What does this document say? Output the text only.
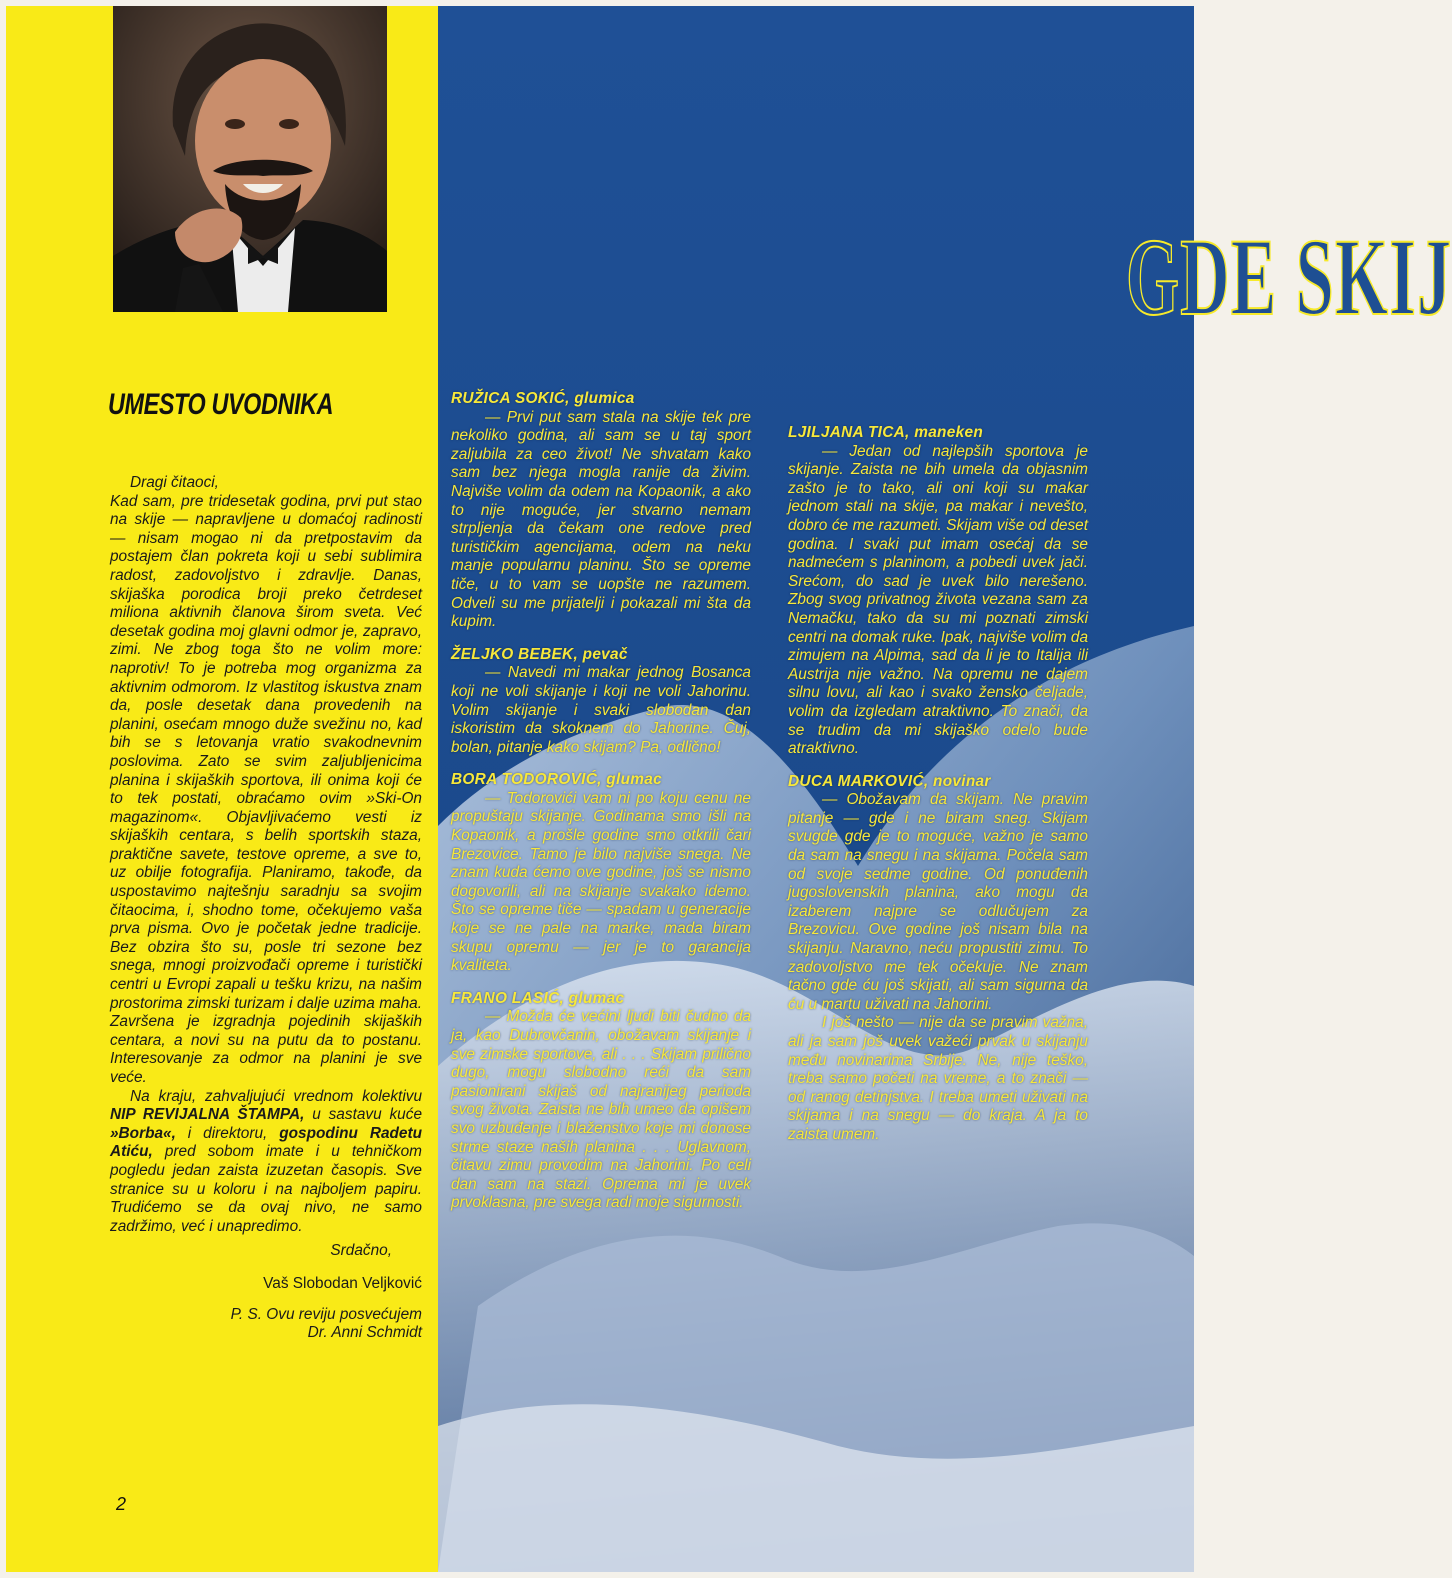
UMESTO UVODNIKA

Dragi čitaoci,

Kad sam, pre tridesetak godina, prvi put stao na skije — napravljene u domaćoj radinosti — nisam mogao ni da pretpostavim da postajem član pokreta koji u sebi sublimira radost, zadovoljstvo i zdravlje. Danas, skijaška porodica broji preko četrdeset miliona aktivnih članova širom sveta. Već desetak godina moj glavni odmor je, zapravo, zimi. Ne zbog toga što ne volim more: naprotiv! To je potreba mog organizma za aktivnim odmorom. Iz vlastitog iskustva znam da, posle desetak dana provedenih na planini, osećam mnogo duže svežinu no, kad bih se s letovanja vratio svakodnevnim poslovima. Zato se svim zaljubljenicima planina i skijaških sportova, ili onima koji će to tek postati, obraćamo ovim »Ski-On magazinom«. Objavljivaćemo vesti iz skijaških centara, s belih sportskih staza, praktične savete, testove opreme, a sve to, uz obilje fotografija. Planiramo, takođe, da uspostavimo najtešnju saradnju sa svojim čitaocima, i, shodno tome, očekujemo vaša prva pisma. Ovo je početak jedne tradicije. Bez obzira što su, posle tri sezone bez snega, mnogi proizvođači opreme i turistički centri u Evropi zapali u tešku krizu, na našim prostorima zimski turizam i dalje uzima maha. Završena je izgradnja pojedinih skijaških centara, a novi su na putu da to postanu. Interesovanje za odmor na planini je sve veće.

Na kraju, zahvaljujući vrednom kolektivu NIP REVIJALNA ŠTAMPA, u sastavu kuće »Borba«, i direktoru, gospodinu Radetu Atiću, pred sobom imate i u tehničkom pogledu jedan zaista izuzetan časopis. Sve stranice su u koloru i na najboljem papiru. Trudićemo se da ovaj nivo, ne samo zadržimo, već i unapredimo.

Srdačno,

Vaš Slobodan Veljković

P. S. Ovu reviju posvećujem

Dr. Anni Schmidt

2
GDE SKIJ

RUŽICA SOKIĆ, glumica

— Prvi put sam stala na skije tek pre nekoliko godina, ali sam se u taj sport zaljubila za ceo život! Ne shvatam kako sam bez njega mogla ranije da živim. Najviše volim da odem na Kopaonik, a ako to nije moguće, jer stvarno nemam strpljenja da čekam one redove pred turističkim agencijama, odem na neku manje popularnu planinu. Što se opreme tiče, u to vam se uopšte ne razumem. Odveli su me prijatelji i pokazali mi šta da kupim.

ŽELJKO BEBEK, pevač

— Navedi mi makar jednog Bosanca koji ne voli skijanje i koji ne voli Jahorinu. Volim skijanje i svaki slobodan dan iskoristim da skoknem do Jahorine. Čuj, bolan, pitanje kako skijam? Pa, odlično!

BORA TODOROVIĆ, glumac

— Todorovići vam ni po koju cenu ne propuštaju skijanje. Godinama smo išli na Kopaonik, a prošle godine smo otkrili čari Brezovice. Tamo je bilo najviše snega. Ne znam kuda ćemo ove godine, još se nismo dogovorili, ali na skijanje svakako idemo. Što se opreme tiče — spadam u generacije koje se ne pale na marke, mada biram skupu opremu — jer je to garancija kvaliteta.

FRANO LASIĆ, glumac

— Možda će većini ljudi biti čudno da ja, kao Dubrovčanin, obožavam skijanje i sve zimske sportove, ali . . . Skijam prilično dugo, mogu slobodno reći da sam pasionirani skijaš od najranijeg perioda svog života. Zaista ne bih umeo da opišem svo uzbuđenje i blaženstvo koje mi donose strme staze naših planina . . . Uglavnom, čitavu zimu provodim na Jahorini. Po celi dan sam na stazi. Oprema mi je uvek prvoklasna, pre svega radi moje sigurnosti.

LJILJANA TICA, maneken

— Jedan od najlepših sportova je skijanje. Zaista ne bih umela da objasnim zašto je to tako, ali oni koji su makar jednom stali na skije, pa makar i nevešto, dobro će me razumeti. Skijam više od deset godina. I svaki put imam osećaj da se nadmećem s planinom, a pobedi uvek jači. Srećom, do sad je uvek bilo nerešeno. Zbog svog privatnog života vezana sam za Nemačku, tako da su mi poznati zimski centri na domak ruke. Ipak, najviše volim da zimujem na Alpima, sad da li je to Italija ili Austrija nije važno. Na opremu ne dajem silnu lovu, ali kao i svako žensko čeljade, volim da izgledam atraktivno. To znači, da se trudim da mi skijaško odelo bude atraktivno.

DUCA MARKOVIĆ, novinar

— Obožavam da skijam. Ne pravim pitanje — gde i ne biram sneg. Skijam svugde gde je to moguće, važno je samo da sam na snegu i na skijama. Počela sam od svoje sedme godine. Od ponuđenih jugoslovenskih planina, ako mogu da izaberem najpre se odlučujem za Brezovicu. Ove godine još nisam bila na skijanju. Naravno, neću propustiti zimu. To zadovoljstvo me tek očekuje. Ne znam tačno gde ću još skijati, ali sam sigurna da ću u martu uživati na Jahorini.

I još nešto — nije da se pravim važna, ali ja sam još uvek važeći prvak u skijanju među novinarima Srbije. Ne, nije teško, treba samo početi na vreme, a to znači — od ranog detinjstva. I treba umeti uživati na skijama i na snegu — do kraja. A ja to zaista umem.
